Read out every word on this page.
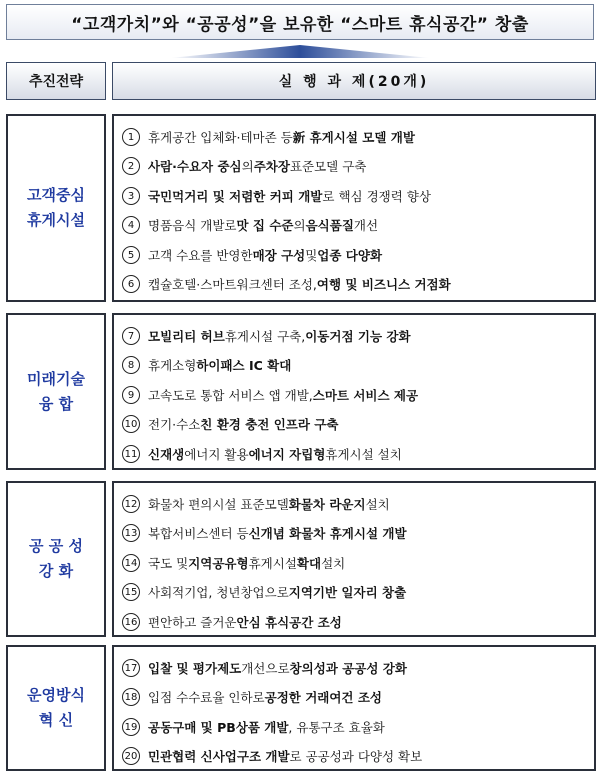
“고객가치”와 “공공성”을 보유한 “스마트 휴식공간” 창출
추진전략	실 행 과 제(20개)
고객중심
휴게시설
1	휴게공간 입체화·테마존 등 新 휴게시설 모델 개발
2	사람·수요자 중심 의 주차장 표준모델 구축
3	국민먹거리 및 저렴한 커피 개발 로 핵심 경쟁력 향상
4	명품음식 개발로 맛 집 수준 의 음식품질 개선
5	고객 수요를 반영한 매장 구성 및 업종 다양화
6	캡슐호텔·스마트워크센터 조성, 여행 및 비즈니스 거점화
미래기술
융 합
7	모빌리티 허브 휴게시설 구축, 이동거점 기능 강화
8	휴게소형 하이패스 IC 확대
9	고속도로 통합 서비스 앱 개발, 스마트 서비스 제공
10 전기·수소 친 환경 충전 인프라 구축
11 신재생 에너지 활용 에너지 자립형 휴게시설 설치
공 공 성
강 화
12 화물차 편의시설 표준모델 화물차 라운지 설치
13 복합서비스센터 등 신개념 화물차 휴게시설 개발
14 국도 및 지역공유형 휴게시설 확대 설치
15 사회적기업, 청년창업으로 지역기반 일자리 창출
16 편안하고 즐거운 안심 휴식공간 조성
운영방식
혁 신
17 입찰 및 평가제도 개선으로 창의성과 공공성 강화
18 입점 수수료율 인하로 공정한 거래여건 조성
19 공동구매 및 PB상품 개발 , 유통구조 효율화
20 민관협력 신사업구조 개발 로 공공성과 다양성 확보
